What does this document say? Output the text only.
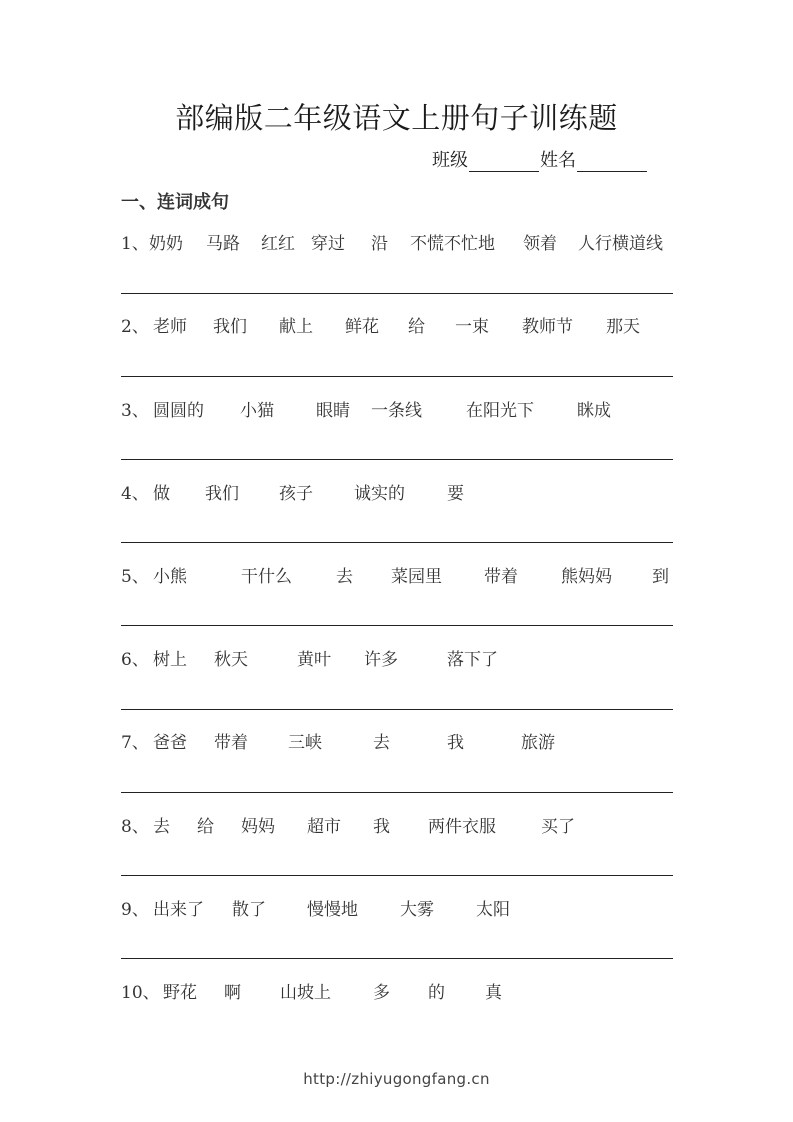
部编版二年级语文上册句子训练题
班级	姓名
一、连词成句
1、 奶奶 马路 红红 穿过 沿 不慌不忙地 领着 人行横道线
2、 老师 我们 献上 鲜花 给 一束 教师节 那天
3、 圆圆的 小猫 眼睛 一条线	在阳光下	眯成
4、 做 我们 孩子 诚实的 要
5、 小熊	干什么	去 菜园里 带着	熊妈妈 到
6、 树上 秋天	黄叶 许多	落下了
7、 爸爸 带着 三峡	去	我	旅游
8、 去 给 妈妈 超市 我 两件衣服	买了
9、 出来了 散了 慢慢地 大雾 太阳
10、 野花 啊 山坡上 多 的 真
http://zhiyugongfang.cn
